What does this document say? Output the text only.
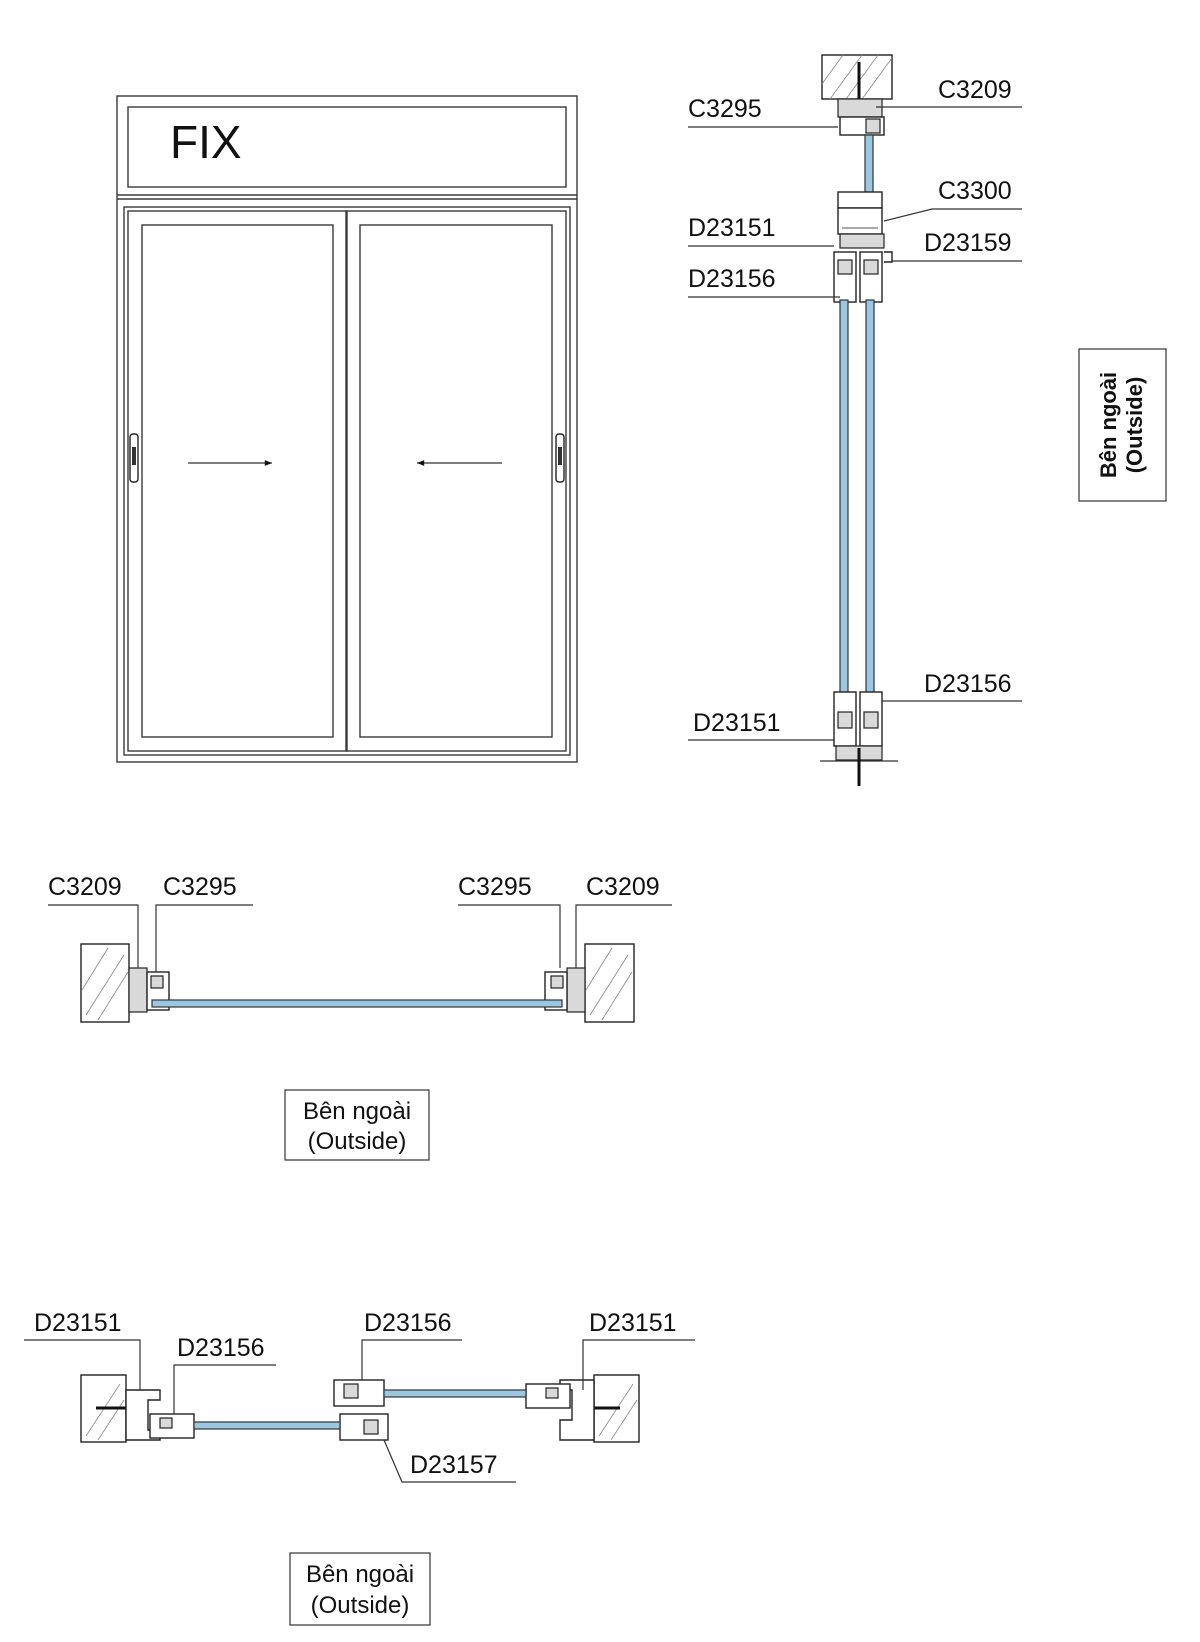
FIX
C3295
C3209
C3300
D23151
D23159
D23156
D23156
D23151
Bên ngoài (Outside)
C3209 C3295	C3295 C3209
Bên ngoài
(Outside)
D23151
D23156
D23156	D23151
D23157
Bên ngoài
(Outside)
